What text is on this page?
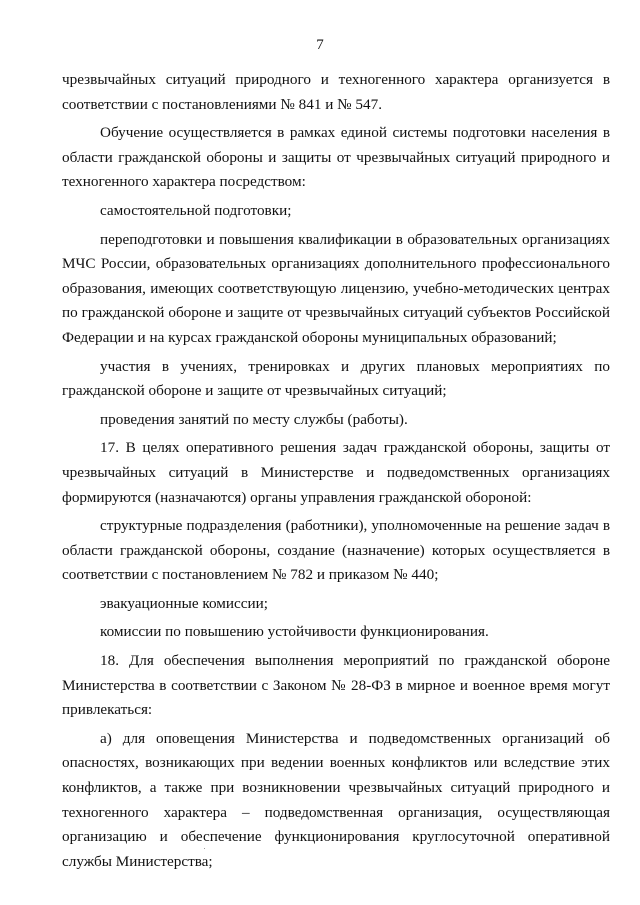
7

чрезвычайных ситуаций природного и техногенного характера организуется в соответствии с постановлениями № 841 и № 547.

Обучение осуществляется в рамках единой системы подготовки населения в области гражданской обороны и защиты от чрезвычайных ситуаций природного и техногенного характера посредством:

самостоятельной подготовки;

переподготовки и повышения квалификации в образовательных организациях МЧС России, образовательных организациях дополнительного профессионального образования, имеющих соответствующую лицензию, учебно-методических центрах по гражданской обороне и защите от чрезвычайных ситуаций субъектов Российской Федерации и на курсах гражданской обороны муниципальных образований;

участия в учениях, тренировках и других плановых мероприятиях по гражданской обороне и защите от чрезвычайных ситуаций;

проведения занятий по месту службы (работы).

17. В целях оперативного решения задач гражданской обороны, защиты от чрезвычайных ситуаций в Министерстве и подведомственных организациях формируются (назначаются) органы управления гражданской обороной:

структурные подразделения (работники), уполномоченные на решение задач в области гражданской обороны, создание (назначение) которых осуществляется в соответствии с постановлением № 782 и приказом № 440;

эвакуационные комиссии;

комиссии по повышению устойчивости функционирования.

18. Для обеспечения выполнения мероприятий по гражданской обороне Министерства в соответствии с Законом № 28-ФЗ в мирное и военное время могут привлекаться:

а) для оповещения Министерства и подведомственных организаций об опасностях, возникающих при ведении военных конфликтов или вследствие этих конфликтов, а также при возникновении чрезвычайных ситуаций природного и техногенного характера – подведомственная организация, осуществляющая организацию и обеспечение функционирования круглосуточной оперативной службы Министерства;
